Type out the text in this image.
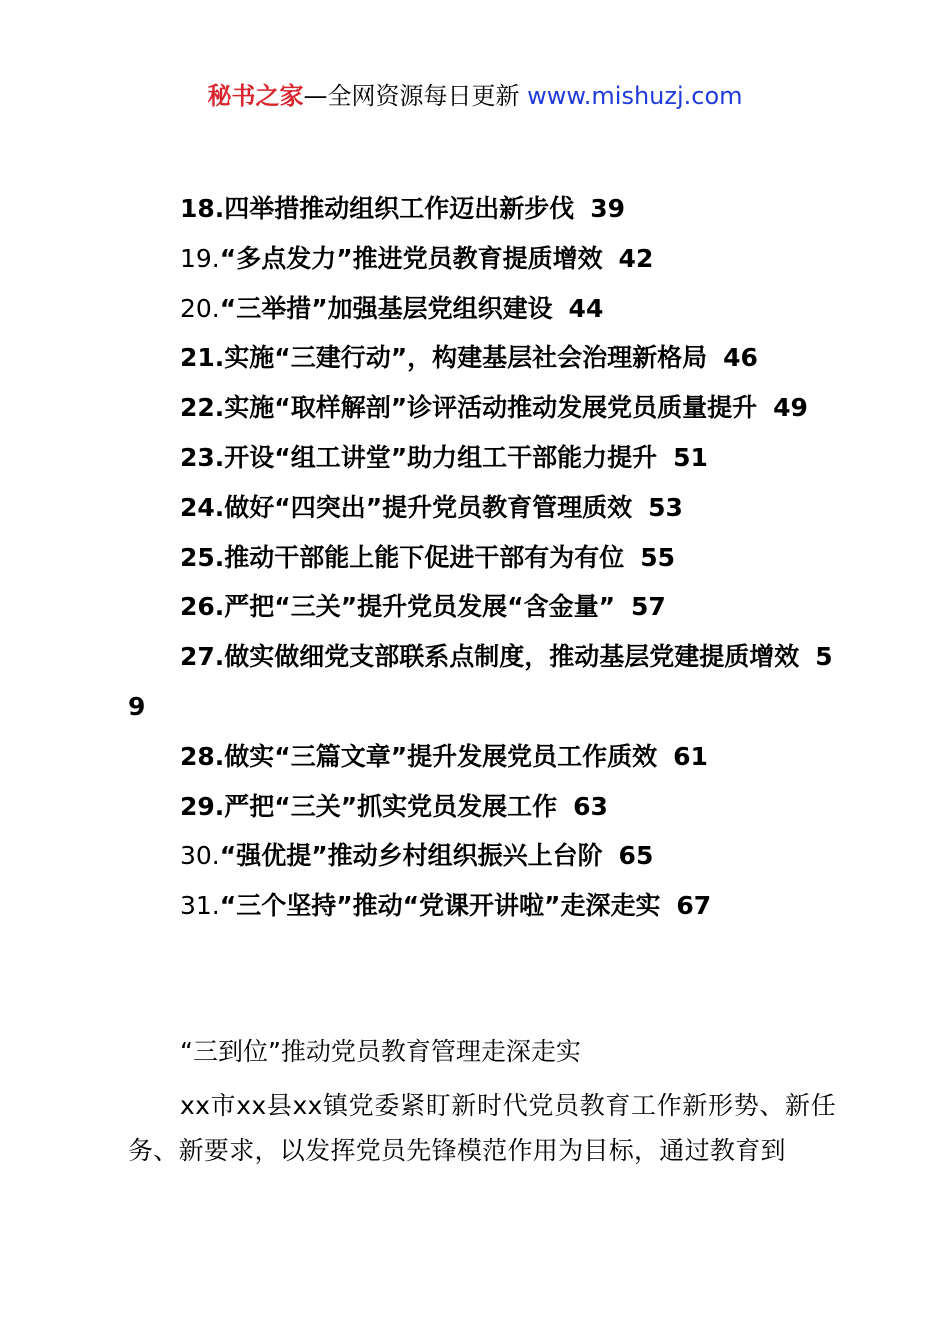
秘书之家—全网资源每日更新 www.mishuzj.com
18.四举措推动组织工作迈出新步伐 39
19.“多点发力”推进党员教育提质增效 42
20.“三举措”加强基层党组织建设 44
21.实施“三建行动”，构建基层社会治理新格局 46
22.实施“取样解剖”诊评活动推动发展党员质量提升 49
23.开设“组工讲堂”助力组工干部能力提升 51
24.做好“四突出”提升党员教育管理质效 53
25.推动干部能上能下促进干部有为有位 55
26.严把“三关”提升党员发展“含金量” 57
27.做实做细党支部联系点制度，推动基层党建提质增效 59
28.做实“三篇文章”提升发展党员工作质效 61
29.严把“三关”抓实党员发展工作 63
30.“强优提”推动乡村组织振兴上台阶 65
31.“三个坚持”推动“党课开讲啦”走深走实 67
“三到位”推动党员教育管理走深走实
xx市xx县xx镇党委紧盯新时代党员教育工作新形势、新任务、新要求，以发挥党员先锋模范作用为目标，通过教育到
